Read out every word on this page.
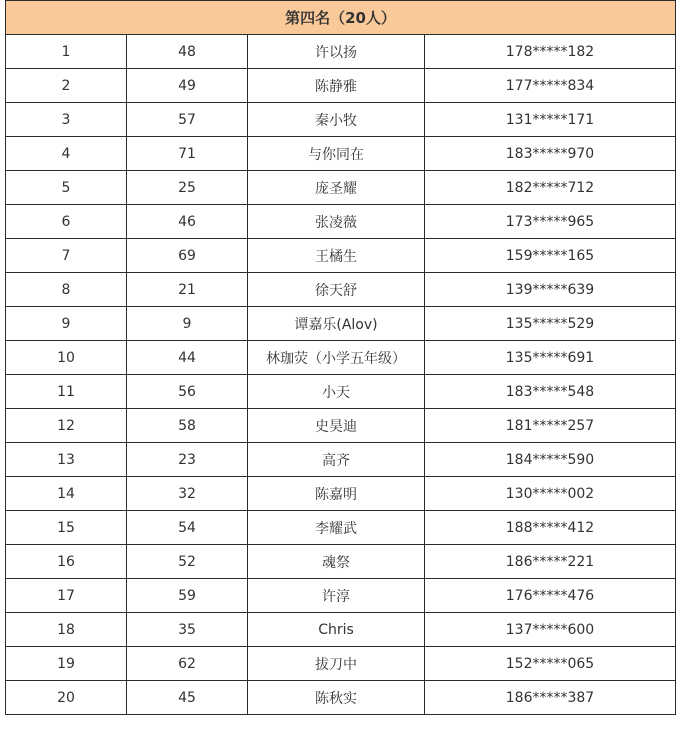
第四名（20人）			
1	48	许以扬	178*****182
2	49	陈静雅	177*****834
3	57	秦小牧	131*****171
4	71	与你同在	183*****970
5	25	庞圣耀	182*****712
6	46	张凌薇	173*****965
7	69	王橘生	159*****165
8	21	徐天舒	139*****639
9	9	谭嘉乐(Alov)	135*****529
10	44	林珈荧（小学五年级）	135*****691
11	56	小天	183*****548
12	58	史昊迪	181*****257
13	23	高齐	184*****590
14	32	陈嘉明	130*****002
15	54	李耀武	188*****412
16	52	魂祭	186*****221
17	59	许淳	176*****476
18	35	Chris	137*****600
19	62	拔刀中	152*****065
20	45	陈秋实	186*****387
